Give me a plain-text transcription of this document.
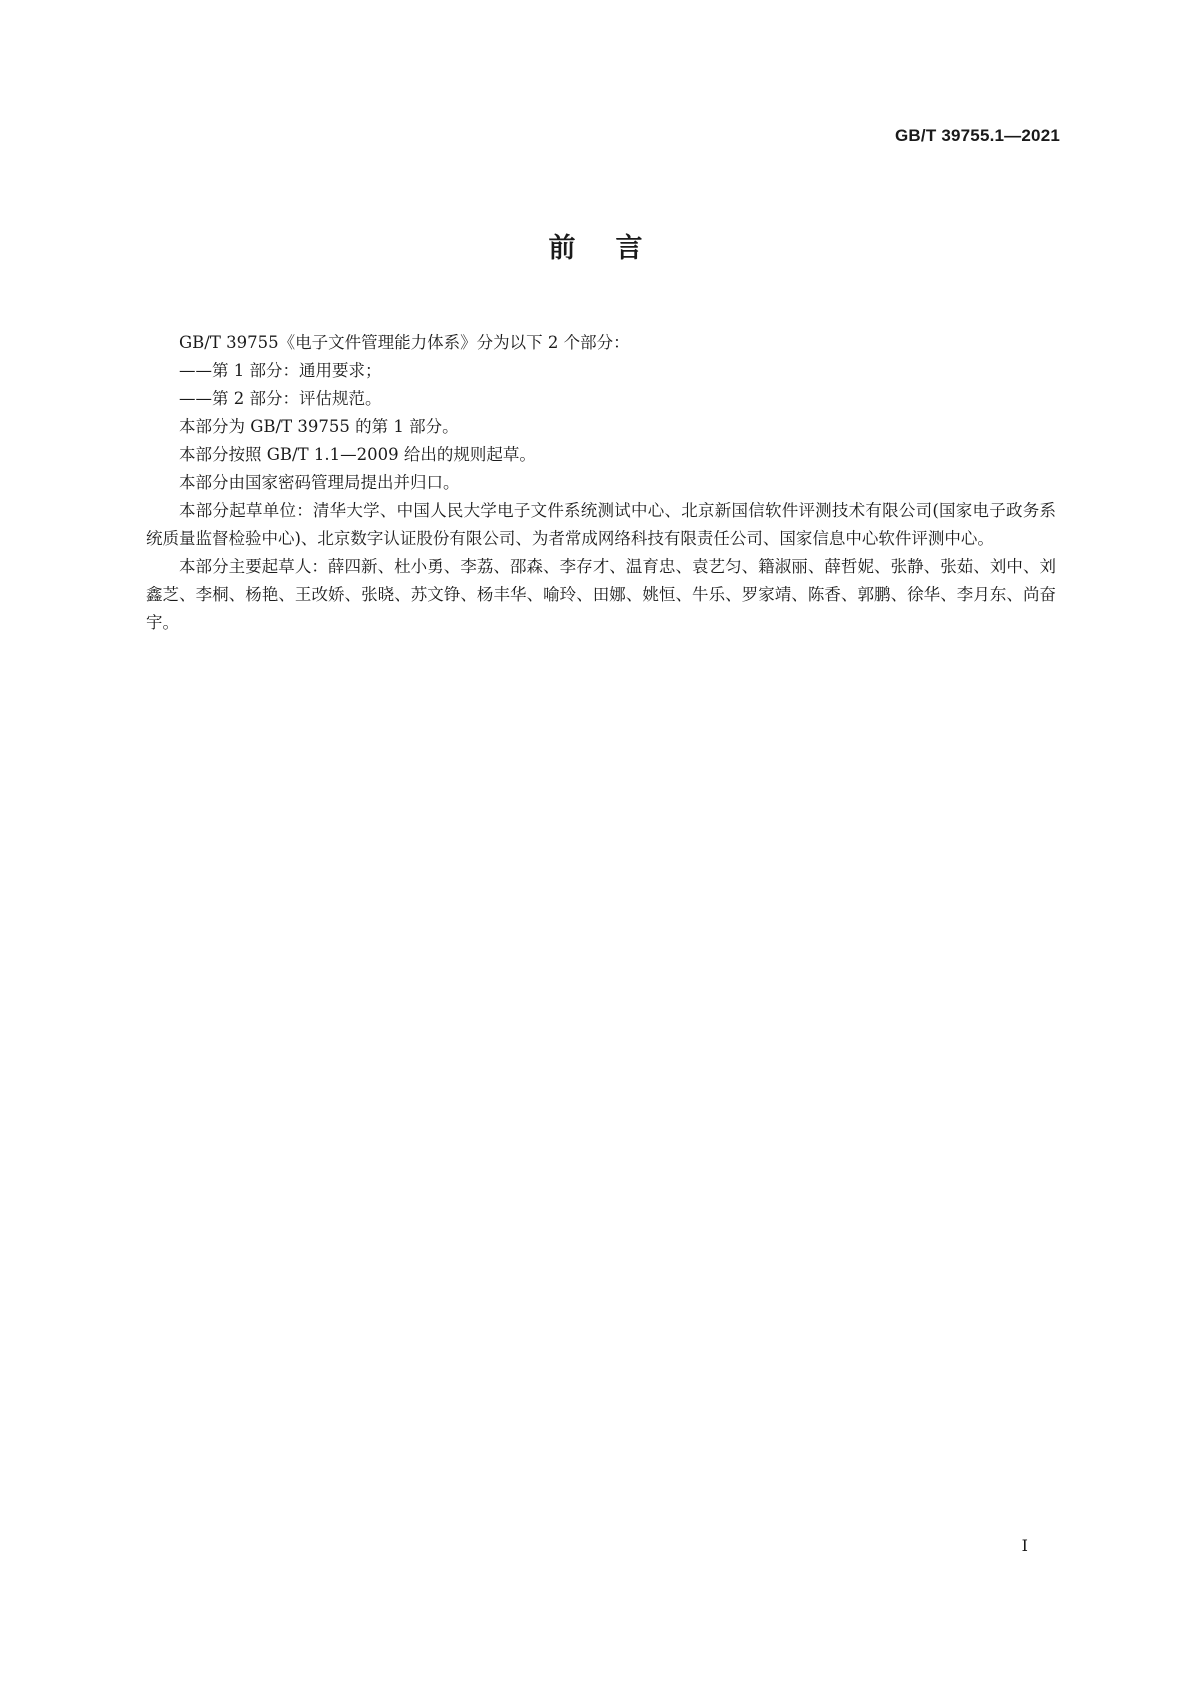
GB/T 39755.1—2021
前言

GB/T 39755《电子文件管理能力体系》分为以下 2 个部分：

——第 1 部分：通用要求；

——第 2 部分：评估规范。

本部分为 GB/T 39755 的第 1 部分。

本部分按照 GB/T 1.1—2009 给出的规则起草。

本部分由国家密码管理局提出并归口。

本部分起草单位：清华大学、中国人民大学电子文件系统测试中心、北京新国信软件评测技术有限公司(国家电子政务系统质量监督检验中心)、北京数字认证股份有限公司、为者常成网络科技有限责任公司、国家信息中心软件评测中心。

本部分主要起草人：薛四新、杜小勇、李荔、邵森、李存才、温育忠、袁艺匀、籍淑丽、薛哲妮、张静、张茹、刘中、刘鑫芝、李桐、杨艳、王改娇、张晓、苏文铮、杨丰华、喻玲、田娜、姚恒、牛乐、罗家靖、陈香、郭鹏、徐华、李月东、尚奋宇。

I
